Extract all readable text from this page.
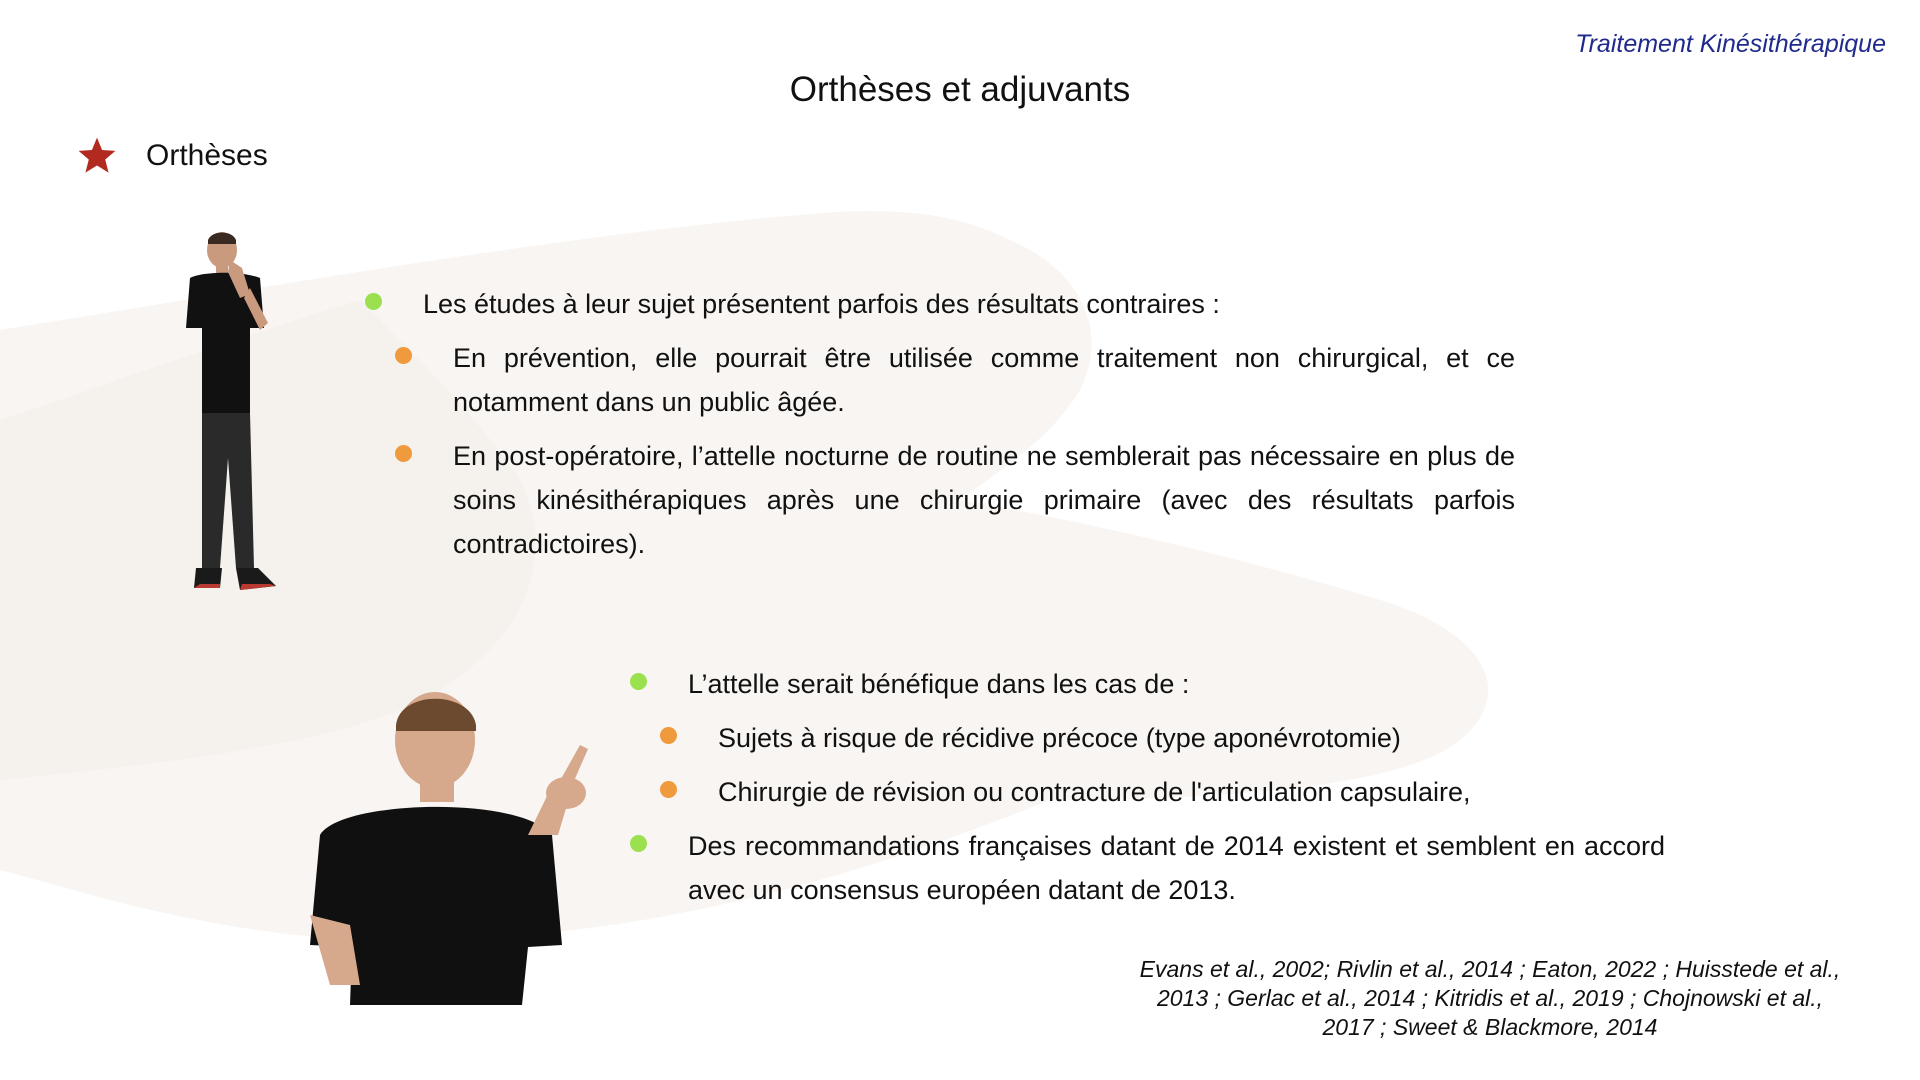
Traitement Kinésithérapique
Orthèses et adjuvants
Orthèses
Les études à leur sujet présentent parfois des résultats contraires :
En prévention, elle pourrait être utilisée comme traitement non chirurgical, et ce notamment dans un public âgée.
En post-opératoire, l’attelle nocturne de routine ne semblerait pas nécessaire en plus de soins kinésithérapiques après une chirurgie primaire (avec des résultats parfois contradictoires).
L’attelle serait bénéfique dans les cas de :
Sujets à risque de récidive précoce (type aponévrotomie)
Chirurgie de révision ou contracture de l'articulation capsulaire,
Des recommandations françaises datant de 2014 existent et semblent en accord avec un consensus européen datant de 2013.
Evans et al., 2002; Rivlin et al., 2014 ; Eaton, 2022 ; Huisstede et al.,
2013 ; Gerlac et al., 2014 ; Kitridis et al., 2019 ; Chojnowski et al.,
2017 ; Sweet & Blackmore, 2014
